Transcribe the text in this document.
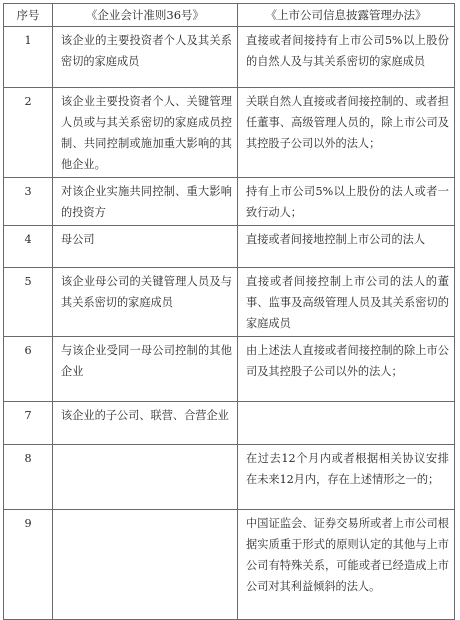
序号	《企业会计准则36号》	《上市公司信息披露管理办法》
1	该企业的主要投资者个人及其关系密切的家庭成员	直接或者间接持有上市公司5%以上股份的自然人及与其关系密切的家庭成员
2	该企业主要投资者个人、关键管理人员或与其关系密切的家庭成员控制、共同控制或施加重大影响的其他企业。	关联自然人直接或者间接控制的、或者担任董事、高级管理人员的，除上市公司及其控股子公司以外的法人；
3	对该企业实施共同控制、重大影响的投资方	持有上市公司5%以上股份的法人或者一致行动人；
4	母公司	直接或者间接地控制上市公司的法人
5	该企业母公司的关键管理人员及与其关系密切的家庭成员	直接或者间接控制上市公司的法人的董事、监事及高级管理人员及其关系密切的家庭成员
6	与该企业受同一母公司控制的其他企业	由上述法人直接或者间接控制的除上市公司及其控股子公司以外的法人；
7	该企业的子公司、联营、合营企业	
8		在过去12个月内或者根据相关协议安排在未来12月内，存在上述情形之一的；
9		中国证监会、证券交易所或者上市公司根据实质重于形式的原则认定的其他与上市公司有特殊关系，可能或者已经造成上市公司对其利益倾斜的法人。
